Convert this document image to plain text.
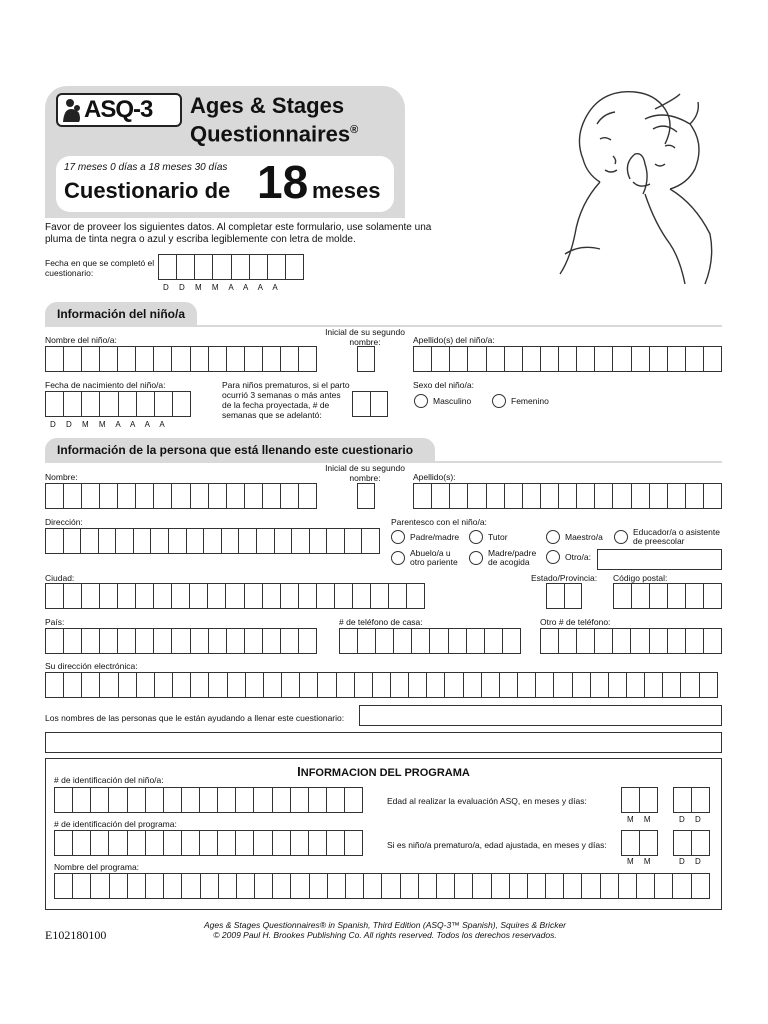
ASQ-3 Ages & Stages
Questionnaires®
17 meses 0 días a 18 meses 30 días
Cuestionario de 18 meses
Favor de proveer los siguientes datos. Al completar este formulario, use solamente una pluma de tinta negra o azul y escriba legiblemente con letra de molde.
Fecha en que se completó el cuestionario:
D D M M A A A A
Información del niño/a
Nombre del niño/a:
Inicial de su segundo nombre:	Apellido(s) del niño/a:
Fecha de nacimiento del niño/a:
D D M M A A A A
Para niños prematuros, si el parto ocurrió 3 semanas o más antes de la fecha proyectada, # de semanas que se adelantó:
Sexo del niño/a:
Masculino	Femenino
Información de la persona que está llenando este cuestionario
Nombre:
Inicial de su segundo nombre:	Apellido(s):
Dirección:	Parentesco con el niño/a:
Padre/madre	Tutor	Maestro/a	Educador/a o asistente de preescolar
Abuelo/a u otro pariente
Madre/padre de acogida	Otro/a:
Ciudad:	Estado/Provincia: Código postal:
País:	# de teléfono de casa:	Otro # de teléfono:
Su dirección electrónica:
Los nombres de las personas que le están ayudando a llenar este cuestionario:
INFORMACION DEL PROGRAMA
# de identificación del niño/a:
# de identificación del programa:
Nombre del programa:
Edad al realizar la evaluación ASQ, en meses y días:
M M	D D
Si es niño/a prematuro/a, edad ajustada, en meses y días:
M M	D D
Ages & Stages Questionnaires® in Spanish, Third Edition (ASQ-3™ Spanish), Squires & Bricker
© 2009 Paul H. Brookes Publishing Co. All rights reserved. Todos los derechos reservados.
E102180100
